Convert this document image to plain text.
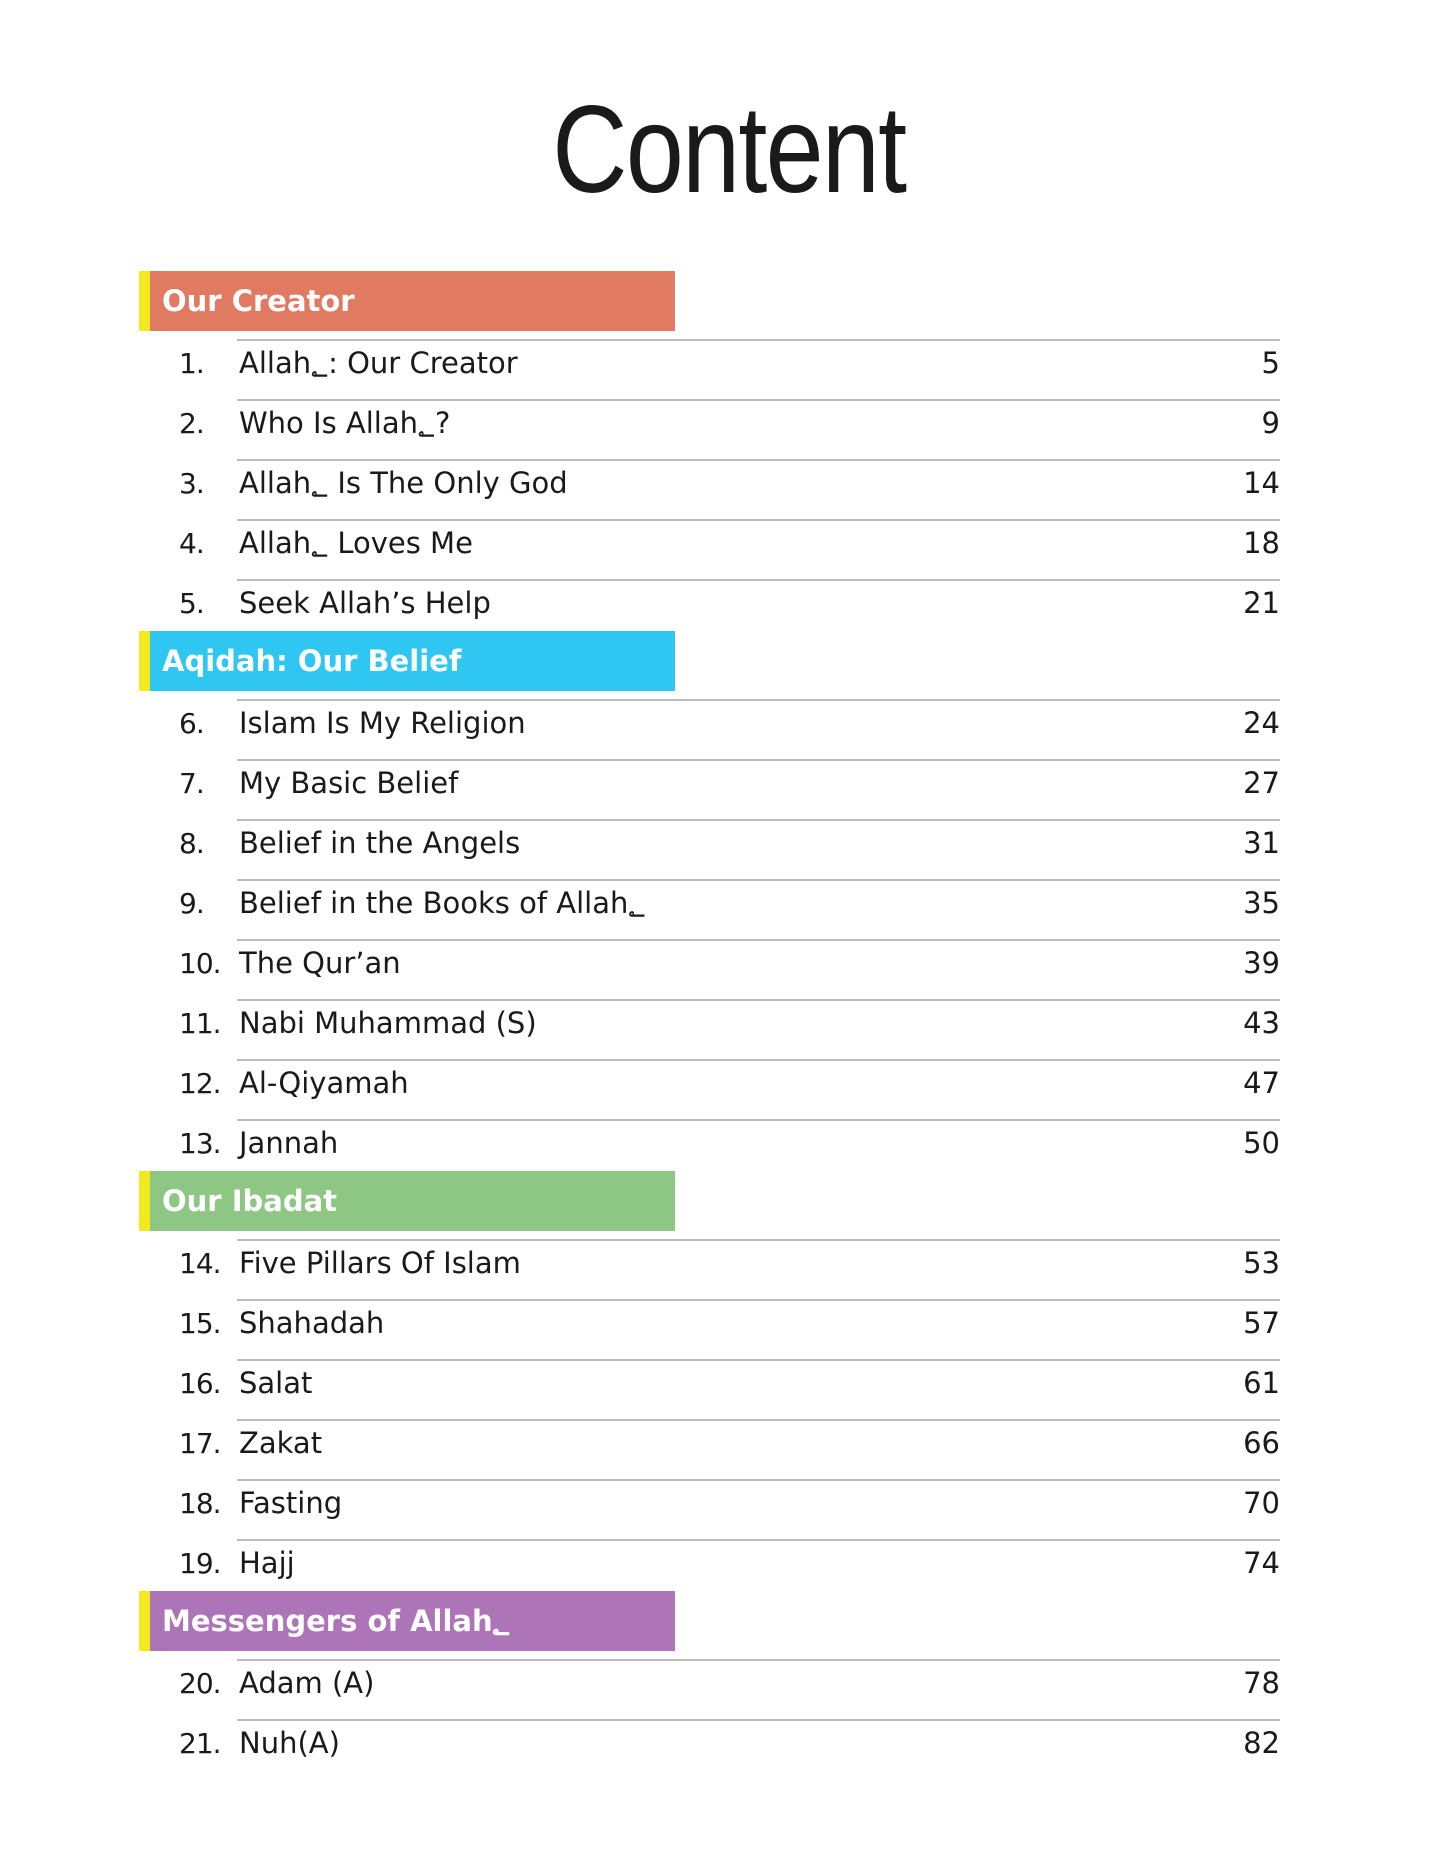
Content
Our Creator
1.	Allah؂: Our Creator	5
2.	Who Is Allah؂?	9
3.	Allah؂ Is The Only God	14
4.	Allah؂ Loves Me	18
5.	Seek Allah’s Help	21
Aqidah: Our Belief
6.	Islam Is My Religion	24
7.	My Basic Belief	27
8.	Belief in the Angels	31
9.	Belief in the Books of Allah؂	35
10. The Qur’an	39
11. Nabi Muhammad (S)	43
12. Al-Qiyamah	47
13. Jannah	50
Our Ibadat
14. Five Pillars Of Islam	53
15. Shahadah	57
16. Salat	61
17. Zakat	66
18. Fasting	70
19. Hajj	74
Messengers of Allah؂
20. Adam (A)	78
21. Nuh(A)	82
